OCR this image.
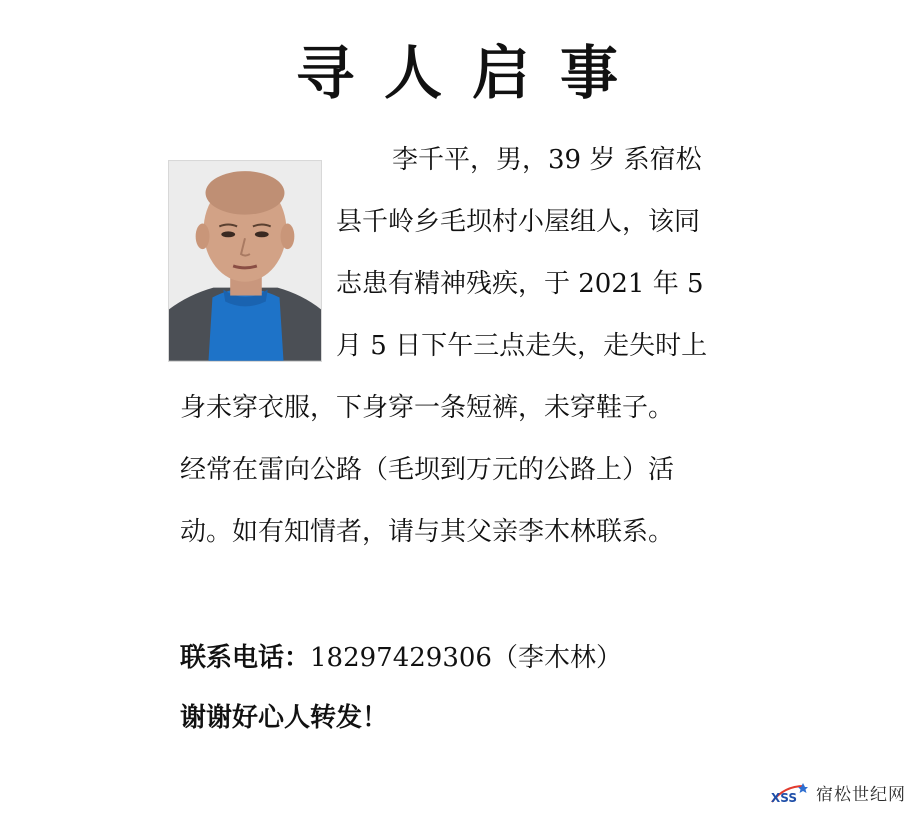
寻人启事
李千平，男，39 岁 系宿松
县千岭乡毛坝村小屋组人，该同
志患有精神残疾，于 2021 年 5
月 5 日下午三点走失，走失时上
身未穿衣服，下身穿一条短裤，未穿鞋子。
经常在雷向公路（毛坝到万元的公路上）活
动。如有知情者，请与其父亲李木林联系。
联系电话：18297429306（李木林）
谢谢好心人转发！
XSS 宿松世纪网
